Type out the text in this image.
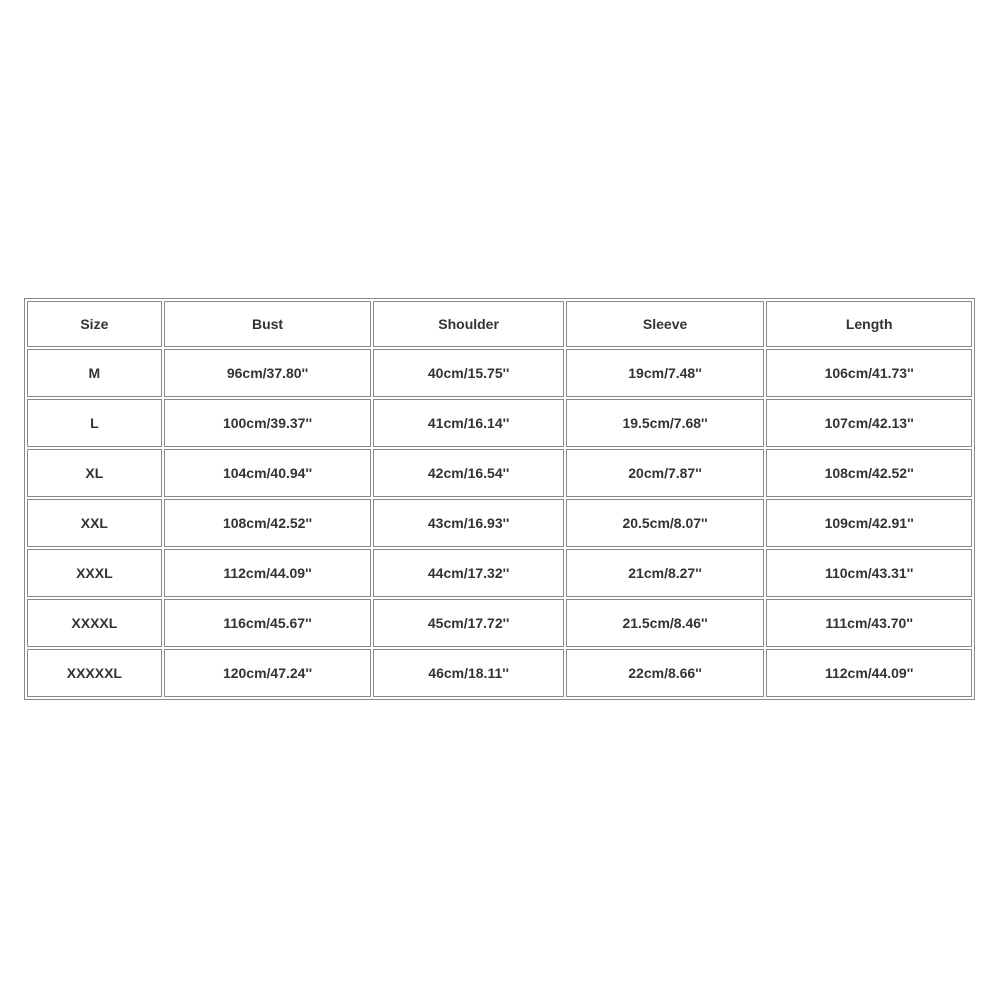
Size	Bust	Shoulder	Sleeve	Length
M	96cm/37.80''	40cm/15.75''	19cm/7.48''	106cm/41.73''
L	100cm/39.37''	41cm/16.14''	19.5cm/7.68''	107cm/42.13''
XL	104cm/40.94''	42cm/16.54''	20cm/7.87''	108cm/42.52''
XXL	108cm/42.52''	43cm/16.93''	20.5cm/8.07''	109cm/42.91''
XXXL	112cm/44.09''	44cm/17.32''	21cm/8.27''	110cm/43.31''
XXXXL	116cm/45.67''	45cm/17.72''	21.5cm/8.46''	111cm/43.70''
XXXXXL	120cm/47.24''	46cm/18.11''	22cm/8.66''	112cm/44.09''
